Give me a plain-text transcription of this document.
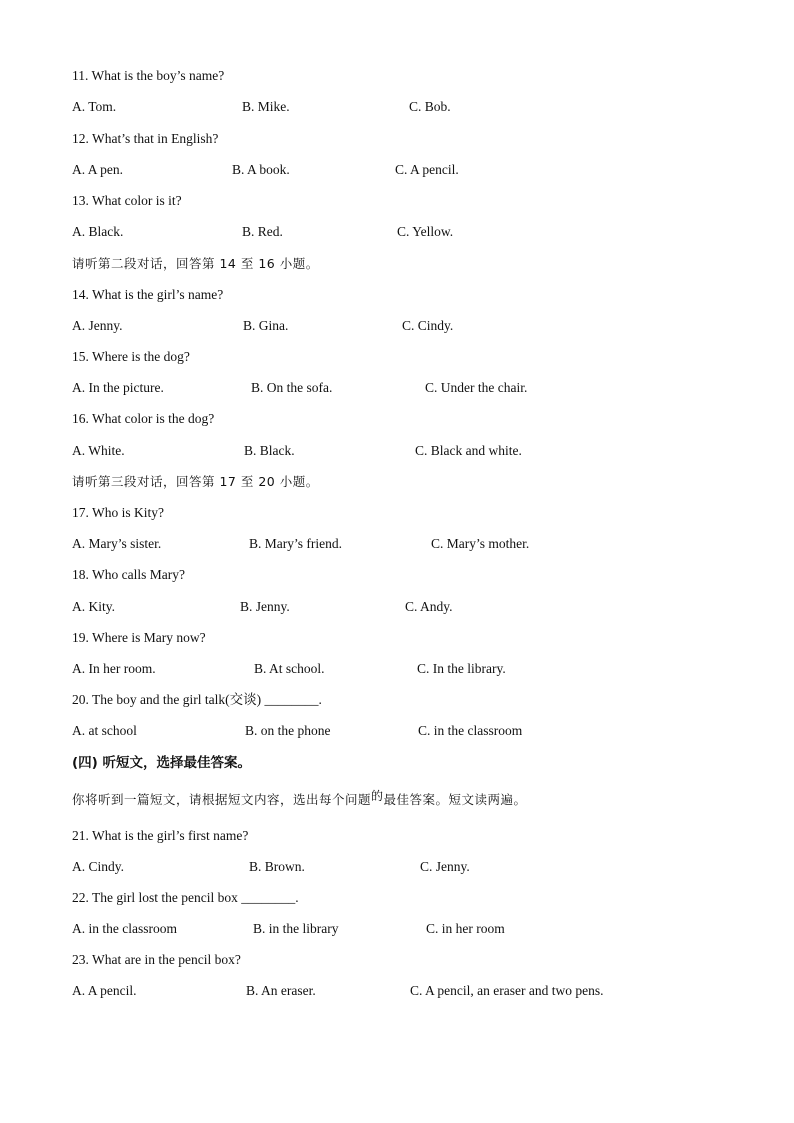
11. What is the boy’s name?
A. Tom.	B. Mike.	C. Bob.
12. What’s that in English?
A. A pen.	B. A book.	C. A pencil.
13. What color is it?
A. Black.	B. Red.	C. Yellow.
请听第二段对话，回答第 14 至 16 小题。
14. What is the girl’s name?
A. Jenny.	B. Gina.	C. Cindy.
15. Where is the dog?
A. In the picture.	B. On the sofa.	C. Under the chair.
16. What color is the dog?
A. White.	B. Black.	C. Black and white.
请听第三段对话，回答第 17 至 20 小题。
17. Who is Kity?
A. Mary’s sister.	B. Mary’s friend.	C. Mary’s mother.
18. Who calls Mary?
A. Kity.	B. Jenny.	C. Andy.
19. Where is Mary now?
A. In her room.	B. At school.	C. In the library.
20. The boy and the girl talk(交谈) ________.
A. at school	B. on the phone	C. in the classroom
(四) 听短文，选择最佳答案。
你将听到一篇短文，请根据短文内容，选出每个问题的最佳答案。短文读两遍。
21. What is the girl’s first name?
A. Cindy.	B. Brown.	C. Jenny.
22. The girl lost the pencil box ________.
A. in the classroom	B. in the library	C. in her room
23. What are in the pencil box?
A. A pencil.	B. An eraser.	C. A pencil, an eraser and two pens.
